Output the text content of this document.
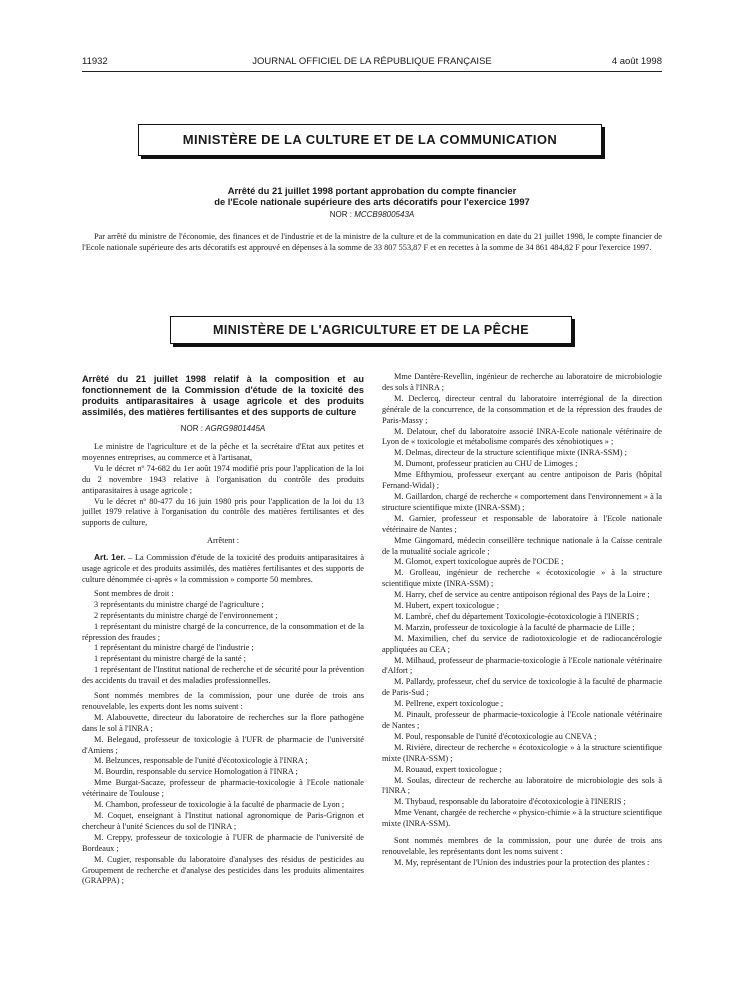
11932	JOURNAL OFFICIEL DE LA RÉPUBLIQUE FRANÇAISE	4 août 1998
MINISTÈRE DE LA CULTURE ET DE LA COMMUNICATION
Arrêté du 21 juillet 1998 portant approbation du compte financier
de l'Ecole nationale supérieure des arts décoratifs pour l'exercice 1997
NOR : MCCB9800543A

Par arrêté du ministre de l'économie, des finances et de l'industrie et de la ministre de la culture et de la communication en date du 21 juillet 1998, le compte financier de l'Ecole nationale supérieure des arts décoratifs est approuvé en dépenses à la somme de 33 807 553,87 F et en recettes à la somme de 34 861 484,82 F pour l'exercice 1997.

MINISTÈRE DE L'AGRICULTURE ET DE LA PÊCHE

Arrêté du 21 juillet 1998 relatif à la composition et au fonctionnement de la Commission d'étude de la toxicité des produits antiparasitaires à usage agricole et des produits assimilés, des matières fertilisantes et des supports de culture

NOR : AGRG9801445A

Le ministre de l'agriculture et de la pêche et la secrétaire d'Etat aux petites et moyennes entreprises, au commerce et à l'artisanat,

Vu le décret nº 74-682 du 1er août 1974 modifié pris pour l'application de la loi du 2 novembre 1943 relative à l'organisation du contrôle des produits antiparasitaires à usage agricole ;

Vu le décret nº 80-477 du 16 juin 1980 pris pour l'application de la loi du 13 juillet 1979 relative à l'organisation du contrôle des matières fertilisantes et des supports de culture,

Arrêtent :

Art. 1er. – La Commission d'étude de la toxicité des produits antiparasitaires à usage agricole et des produits assimilés, des matières fertilisantes et des supports de culture dénommée ci-après « la commission » comporte 50 membres.

Sont membres de droit :

3 représentants du ministre chargé de l'agriculture ;

2 représentants du ministre chargé de l'environnement ;

1 représentant du ministre chargé de la concurrence, de la consommation et de la répression des fraudes ;

1 représentant du ministre chargé de l'industrie ;

1 représentant du ministre chargé de la santé ;

1 représentant de l'Institut national de recherche et de sécurité pour la prévention des accidents du travail et des maladies professionnelles.

Sont nommés membres de la commission, pour une durée de trois ans renouvelable, les experts dont les noms suivent :

M. Alabouvette, directeur du laboratoire de recherches sur la flore pathogène dans le sol à l'INRA ;

M. Belegaud, professeur de toxicologie à l'UFR de pharmacie de l'université d'Amiens ;

M. Belzunces, responsable de l'unité d'écotoxicologie à l'INRA ;

M. Bourdin, responsable du service Homologation à l'INRA ;

Mme Burgat-Sacaze, professeur de pharmacie-toxicologie à l'Ecole nationale vétérinaire de Toulouse ;

M. Chambon, professeur de toxicologie à la faculté de pharmacie de Lyon ;

M. Coquet, enseignant à l'Institut national agronomique de Paris-Grignon et chercheur à l'unité Sciences du sol de l'INRA ;

M. Creppy, professeur de toxicologie à l'UFR de pharmacie de l'université de Bordeaux ;

M. Cugier, responsable du laboratoire d'analyses des résidus de pesticides au Groupement de recherche et d'analyse des pesticides dans les produits alimentaires (GRAPPA) ;

Mme Dantère-Revellin, ingénieur de recherche au laboratoire de microbiologie des sols à l'INRA ;

M. Declercq, directeur central du laboratoire interrégional de la direction générale de la concurrence, de la consommation et de la répression des fraudes de Paris-Massy ;

M. Delatour, chef du laboratoire associé INRA-Ecole nationale vétérinaire de Lyon de « toxicologie et métabolisme comparés des xénobiotiques » ;

M. Delmas, directeur de la structure scientifique mixte (INRA-SSM) ;

M. Dumont, professeur praticien au CHU de Limoges ;

Mme Efthymiou, professeur exerçant au centre antipoison de Paris (hôpital Fernand-Widal) ;

M. Gaillardon, chargé de recherche « comportement dans l'environnement » à la structure scientifique mixte (INRA-SSM) ;

M. Garnier, professeur et responsable de laboratoire à l'Ecole nationale vétérinaire de Nantes ;

Mme Gingomard, médecin conseillère technique nationale à la Caisse centrale de la mutualité sociale agricole ;

M. Glomot, expert toxicologue auprès de l'OCDE ;

M. Grolleau, ingénieur de recherche « écotoxicologie » à la structure scientifique mixte (INRA-SSM) ;

M. Harry, chef de service au centre antipoison régional des Pays de la Loire ;

M. Hubert, expert toxicologue ;

M. Lambré, chef du département Toxicologie-écotoxicologie à l'INERIS ;

M. Marzin, professeur de toxicologie à la faculté de pharmacie de Lille ;

M. Maximilien, chef du service de radiotoxicologie et de radiocancérologie appliquées au CEA ;

M. Milhaud, professeur de pharmacie-toxicologie à l'Ecole nationale vétérinaire d'Alfort ;

M. Pallardy, professeur, chef du service de toxicologie à la faculté de pharmacie de Paris-Sud ;

M. Pellrene, expert toxicologue ;

M. Pinault, professeur de pharmacie-toxicologie à l'Ecole nationale vétérinaire de Nantes ;

M. Poul, responsable de l'unité d'écotoxicologie au CNEVA ;

M. Rivière, directeur de recherche « écotoxicologie » à la structure scientifique mixte (INRA-SSM) ;

M. Rouaud, expert toxicologue ;

M. Soulas, directeur de recherche au laboratoire de microbiologie des sols à l'INRA ;

M. Thybaud, responsable du laboratoire d'écotoxicologie à l'INERIS ;

Mme Venant, chargée de recherche « physico-chimie » à la structure scientifique mixte (INRA-SSM).

Sont nommés membres de la commission, pour une durée de trois ans renouvelable, les représentants dont les noms suivent :

M. My, représentant de l'Union des industries pour la protection des plantes :
